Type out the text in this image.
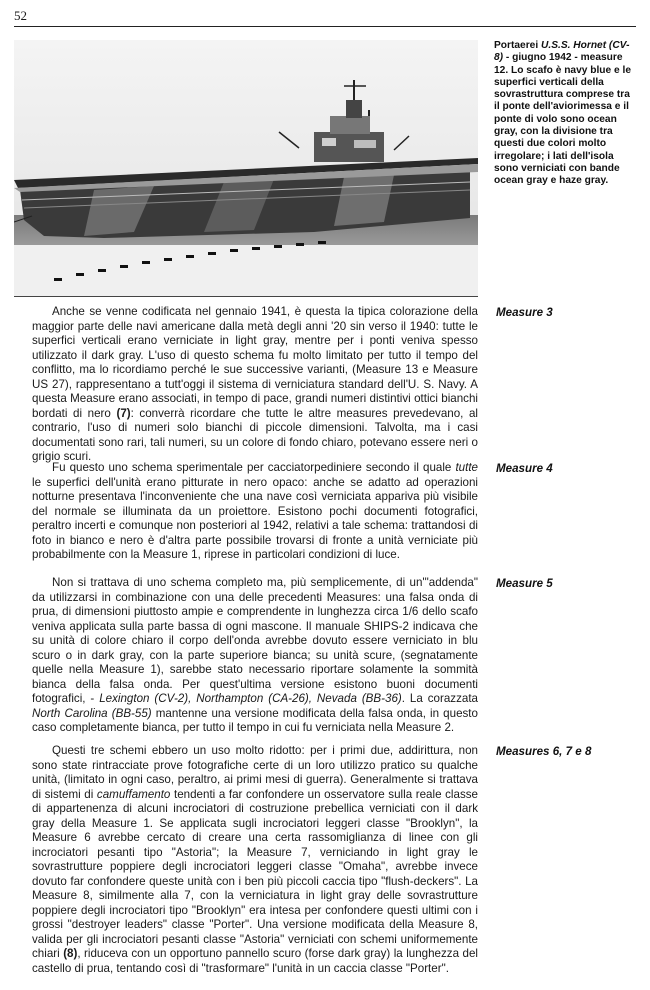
52
Portaerei U.S.S. Hornet (CV-8) - giugno 1942 - measure 12. Lo scafo è navy blue e le superfici verticali della sovrastruttura comprese tra il ponte dell'aviorimessa e il ponte di volo sono ocean gray, con la divisione tra questi due colori molto irregolare; i lati dell'isola sono verniciati con bande ocean gray e haze gray.
Measure 3
Anche se venne codificata nel gennaio 1941, è questa la tipica colorazione della maggior parte delle navi americane dalla metà degli anni '20 sin verso il 1940: tutte le superfici verticali erano verniciate in light gray, mentre per i ponti veniva spesso utilizzato il dark gray. L'uso di questo schema fu molto limitato per tutto il tempo del conflitto, ma lo ricordiamo perché le sue successive varianti, (Measure 13 e Measure US 27), rappresentano a tutt'oggi il sistema di verniciatura standard dell'U. S. Navy. A questa Measure erano associati, in tempo di pace, grandi numeri distintivi ottici bianchi bordati di nero (7): converrà ricordare che tutte le altre measures prevedevano, al contrario, l'uso di numeri solo bianchi di piccole dimensioni. Talvolta, ma i casi documentati sono rari, tali numeri, su un colore di fondo chiaro, potevano essere neri o grigio scuri.
Measure 4
Fu questo uno schema sperimentale per cacciatorpediniere secondo il quale tutte le superfici dell'unità erano pitturate in nero opaco: anche se adatto ad operazioni notturne presentava l'inconveniente che una nave così verniciata appariva più visibile del normale se illuminata da un proiettore. Esistono pochi documenti fotografici, peraltro incerti e comunque non posteriori al 1942, relativi a tale schema: trattandosi di foto in bianco e nero è d'altra parte possibile trovarsi di fronte a unità verniciate più probabilmente con la Measure 1, riprese in particolari condizioni di luce.
Measure 5
Non si trattava di uno schema completo ma, più semplicemente, di un'"addenda" da utilizzarsi in combinazione con una delle precedenti Measures: una falsa onda di prua, di dimensioni piuttosto ampie e comprendente in lunghezza circa 1/6 dello scafo veniva applicata sulla parte bassa di ogni mascone. Il manuale SHIPS-2 indicava che su unità di colore chiaro il corpo dell'onda avrebbe dovuto essere verniciato in blu scuro o in dark gray, con la parte superiore bianca; su unità scure, (segnatamente quelle nella Measure 1), sarebbe stato necessario riportare solamente la sommità bianca della falsa onda. Per quest'ultima versione esistono buoni documenti fotografici, - Lexington (CV-2), Northampton (CA-26), Nevada (BB-36). La corazzata North Carolina (BB-55) mantenne una versione modificata della falsa onda, in questo caso completamente bianca, per tutto il tempo in cui fu verniciata nella Measure 2.
Measures 6, 7 e 8
Questi tre schemi ebbero un uso molto ridotto: per i primi due, addirittura, non sono state rintracciate prove fotografiche certe di un loro utilizzo pratico su qualche unità, (limitato in ogni caso, peraltro, ai primi mesi di guerra). Generalmente si trattava di sistemi di camuffamento tendenti a far confondere un osservatore sulla reale classe di appartenenza di alcuni incrociatori di costruzione prebellica verniciati con il dark gray della Measure 1. Se applicata sugli incrociatori leggeri classe "Brooklyn", la Measure 6 avrebbe cercato di creare una certa rassomiglianza di linee con gli incrociatori pesanti tipo "Astoria"; la Measure 7, verniciando in light gray le sovrastrutture poppiere degli incrociatori leggeri classe "Omaha", avrebbe invece dovuto far confondere queste unità con i ben più piccoli caccia tipo "flush-deckers". La Measure 8, similmente alla 7, con la verniciatura in light gray delle sovrastrutture poppiere degli incrociatori tipo "Brooklyn" era intesa per confondere questi ultimi con i grossi "destroyer leaders" classe "Porter". Una versione modificata della Measure 8, valida per gli incrociatori pesanti classe "Astoria" verniciati con schemi uniformemente chiari (8), riduceva con un opportuno pannello scuro (forse dark gray) la lunghezza del castello di prua, tentando così di "trasformare" l'unità in un caccia classe "Porter".
